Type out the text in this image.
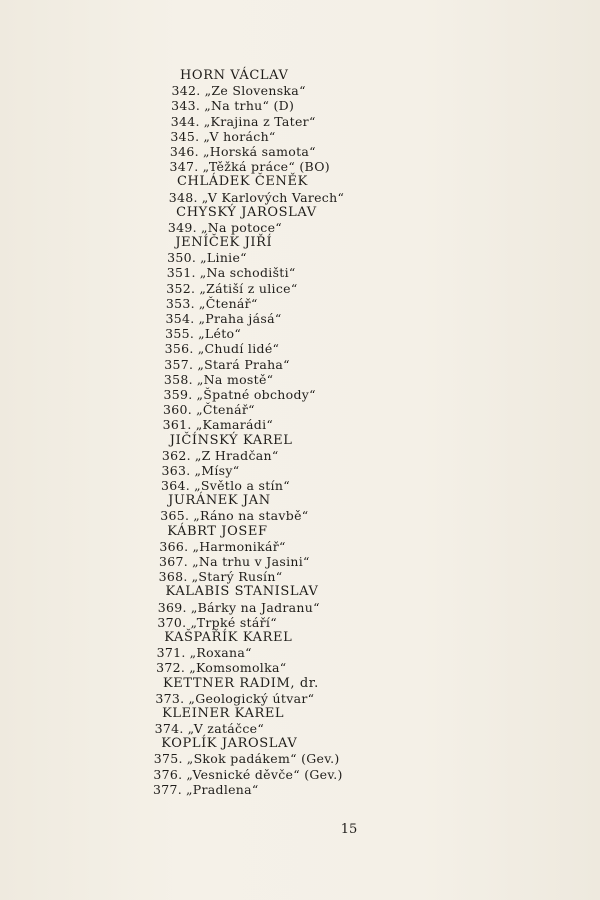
HORN VÁCLAV
342. „Ze Slovenska“
343. „Na trhu“ (D)
344. „Krajina z Tater“
345. „V horách“
346. „Horská samota“
347. „Těžká práce“ (BO)
CHLÁDEK ČENĚK
348. „V Karlových Varech“
CHYSKÝ JAROSLAV
349. „Na potoce“
JENÍČEK JIŘÍ
350. „Linie“
351. „Na schodišti“
352. „Zátiší z ulice“
353. „Čtenář“
354. „Praha jásá“
355. „Léto“
356. „Chudí lidé“
357. „Stará Praha“
358. „Na mostě“
359. „Špatné obchody“
360. „Čtenář“
361. „Kamarádi“
JIČÍNSKÝ KAREL
362. „Z Hradčan“
363. „Mísy“
364. „Světlo a stín“
JURÁNEK JAN
365. „Ráno na stavbě“
KÁBRT JOSEF
366. „Harmonikář“
367. „Na trhu v Jasini“
368. „Starý Rusín“
KALABIS STANISLAV
369. „Bárky na Jadranu“
370. „Trpké stáří“
KAŠPAŘÍK KAREL
371. „Roxana“
372. „Komsomolka“
KETTNER RADIM, dr.
373. „Geologický útvar“
KLEINER KAREL
374. „V zatáčce“
KOPLÍK JAROSLAV
375. „Skok padákem“ (Gev.)
376. „Vesnické děvče“ (Gev.)
377. „Pradlena“
15
